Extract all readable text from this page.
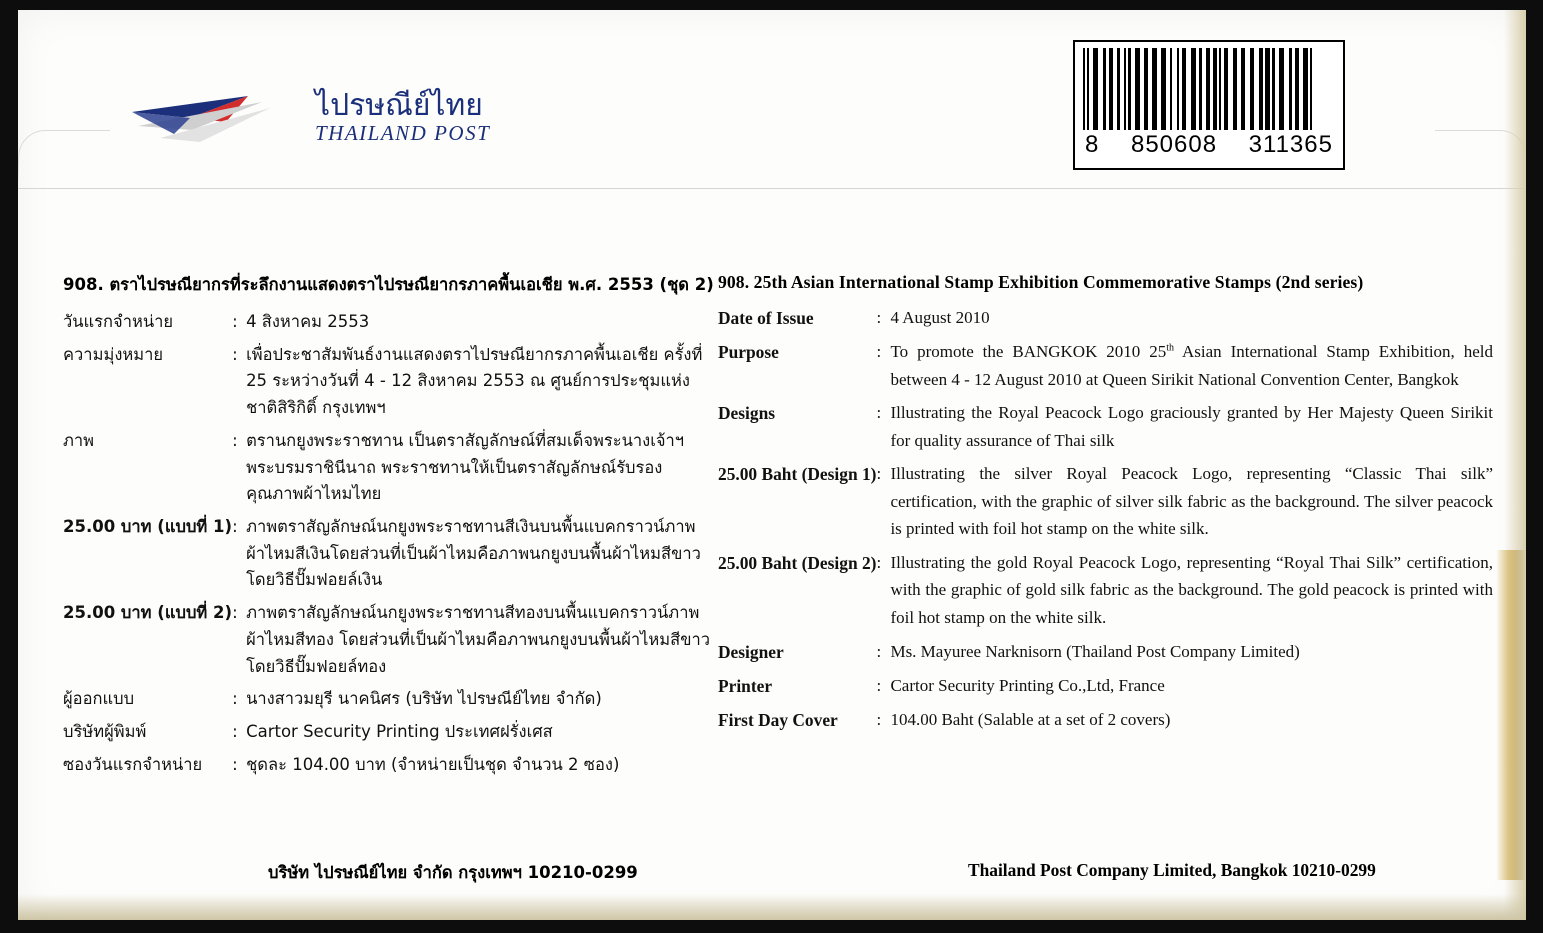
ไปรษณีย์ไทย
THAILAND POST	8 850608 311365
908. ตราไปรษณียากรที่ระลึกงานแสดงตราไปรษณียากรภาคพื้นเอเชีย พ.ศ. 2553 (ชุด 2)
วันแรกจำหน่าย	:	4 สิงหาคม 2553
ความมุ่งหมาย	:	เพื่อประชาสัมพันธ์งานแสดงตราไปรษณียากรภาคพื้นเอเชีย ครั้งที่ 25 ระหว่างวันที่ 4 - 12 สิงหาคม 2553 ณ ศูนย์การประชุมแห่งชาติสิริกิติ์ กรุงเทพฯ
ภาพ	:	ตรานกยูงพระราชทาน เป็นตราสัญลักษณ์ที่สมเด็จพระนางเจ้าฯ พระบรมราชินีนาถ พระราชทานให้เป็นตราสัญลักษณ์รับรองคุณภาพผ้าไหมไทย
25.00 บาท (แบบที่ 1)	:	ภาพตราสัญลักษณ์นกยูงพระราชทานสีเงินบนพื้นแบคกราวน์ภาพผ้าไหมสีเงินโดยส่วนที่เป็นผ้าไหมคือภาพนกยูงบนพื้นผ้าไหมสีขาวโดยวิธีปั๊มฟอยล์เงิน
25.00 บาท (แบบที่ 2)	:	ภาพตราสัญลักษณ์นกยูงพระราชทานสีทองบนพื้นแบคกราวน์ภาพผ้าไหมสีทอง โดยส่วนที่เป็นผ้าไหมคือภาพนกยูงบนพื้นผ้าไหมสีขาวโดยวิธีปั๊มฟอยล์ทอง
ผู้ออกแบบ	:	นางสาวมยุรี นาคนิศร (บริษัท ไปรษณีย์ไทย จำกัด)
บริษัทผู้พิมพ์	:	Cartor Security Printing ประเทศฝรั่งเศส
ซองวันแรกจำหน่าย	:	ชุดละ 104.00 บาท (จำหน่ายเป็นชุด จำนวน 2 ซอง)
908. 25th Asian International Stamp Exhibition Commemorative Stamps (2nd series)
Date of Issue	:	4 August 2010
Purpose	:	To promote the BANGKOK 2010 25th Asian International Stamp Exhibition, held between 4 - 12 August 2010 at Queen Sirikit National Convention Center, Bangkok
Designs	:	Illustrating the Royal Peacock Logo graciously granted by Her Majesty Queen Sirikit for quality assurance of Thai silk
25.00 Baht (Design 1)	:	Illustrating the silver Royal Peacock Logo, representing “Classic Thai silk” certification, with the graphic of silver silk fabric as the background. The silver peacock is printed with foil hot stamp on the white silk.
25.00 Baht (Design 2)	:	Illustrating the gold Royal Peacock Logo, representing “Royal Thai Silk” certification, with the graphic of gold silk fabric as the background. The gold peacock is printed with foil hot stamp on the white silk.
Designer	:	Ms. Mayuree Narknisorn (Thailand Post Company Limited)
Printer	:	Cartor Security Printing Co.,Ltd, France
First Day Cover	:	104.00 Baht (Salable at a set of 2 covers)
บริษัท ไปรษณีย์ไทย จำกัด กรุงเทพฯ 10210-0299	Thailand Post Company Limited, Bangkok 10210-0299
